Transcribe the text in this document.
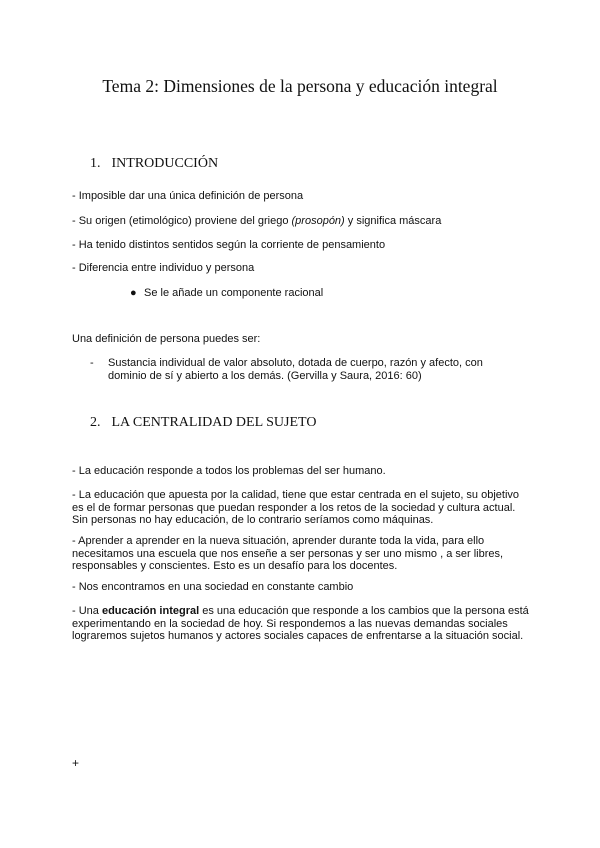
Tema 2: Dimensiones de la persona y educación integral
1. INTRODUCCIÓN
- Imposible dar una única definición de persona
- Su origen (etimológico) proviene del griego (prosopón) y significa máscara
- Ha tenido distintos sentidos según la corriente de pensamiento
- Diferencia entre individuo y persona
● Se le añade un componente racional
Una definición de persona puedes ser:
- Sustancia individual de valor absoluto, dotada de cuerpo, razón y afecto, con dominio de sí y abierto a los demás. (Gervilla y Saura, 2016: 60)
2. LA CENTRALIDAD DEL SUJETO
- La educación responde a todos los problemas del ser humano.
- La educación que apuesta por la calidad, tiene que estar centrada en el sujeto, su objetivo es el de formar personas que puedan responder a los retos de la sociedad y cultura actual. Sin personas no hay educación, de lo contrario seríamos como máquinas.
- Aprender a aprender en la nueva situación, aprender durante toda la vida, para ello necesitamos una escuela que nos enseñe a ser personas y ser uno mismo , a ser libres, responsables y conscientes. Esto es un desafío para los docentes.
- Nos encontramos en una sociedad en constante cambio
- Una educación integral es una educación que responde a los cambios que la persona está experimentando en la sociedad de hoy. Si respondemos a las nuevas demandas sociales lograremos sujetos humanos y actores sociales capaces de enfrentarse a la situación social.
+
